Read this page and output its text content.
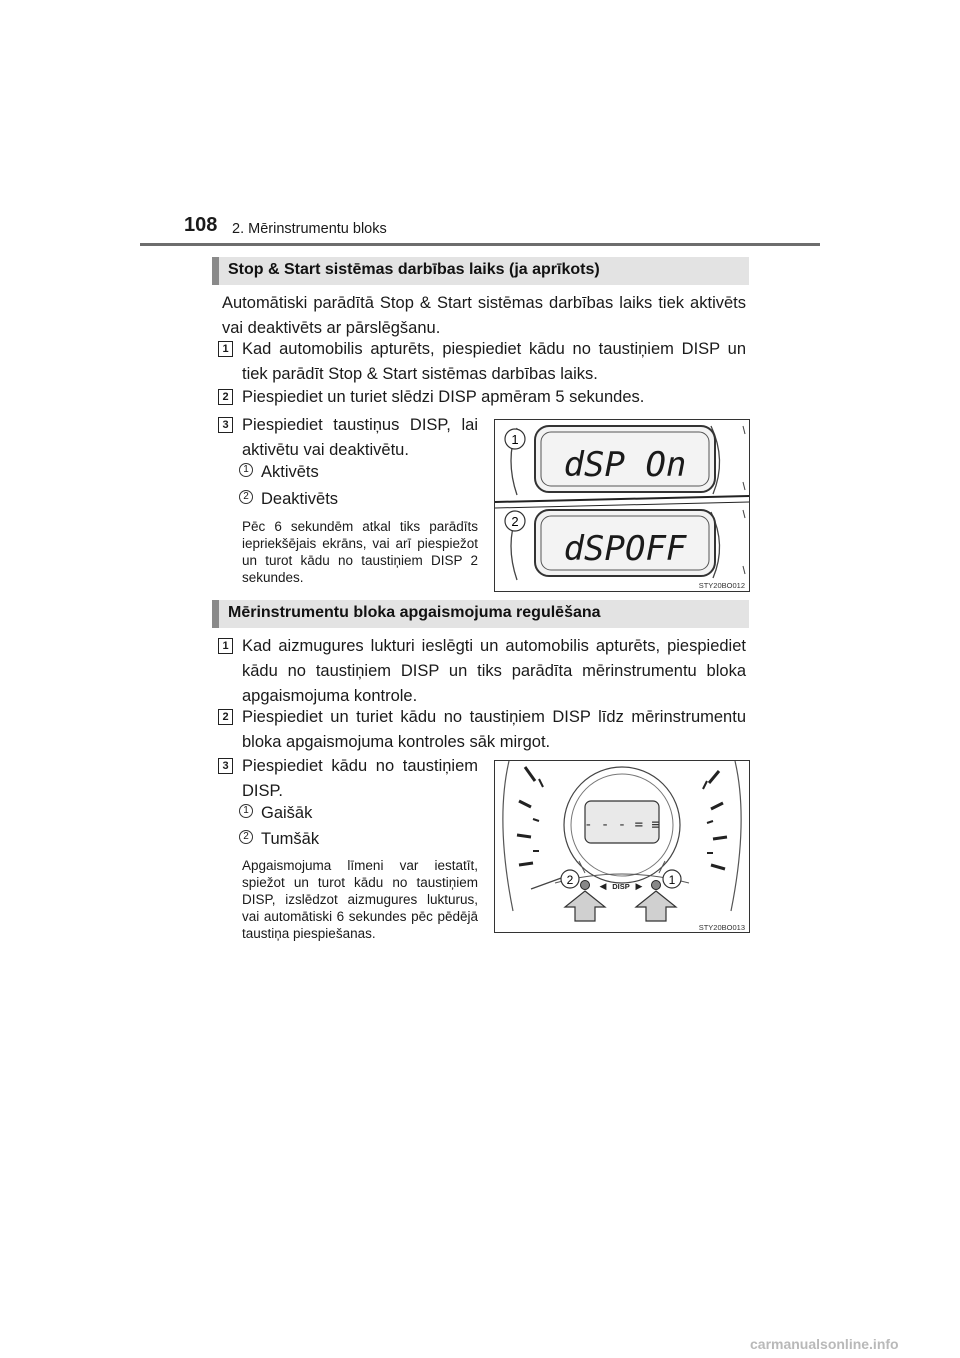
108 2. Mērinstrumentu bloks
Stop & Start sistēmas darbības laiks (ja aprīkots)
Automātiski parādītā Stop & Start sistēmas darbības laiks tiek aktivēts vai deaktivēts ar pārslēgšanu.
1 Kad automobilis apturēts, piespiediet kādu no taustiņiem DISP un tiek parādīt Stop & Start sistēmas darbības laiks.
2 Piespiediet un turiet slēdzi DISP apmēram 5 sekundes.
3 Piespiediet taustiņus DISP, lai aktivētu vai deaktivētu.
1 Aktivēts
2 Deaktivēts
Pēc 6 sekundēm atkal tiks parādīts iepriekšējais ekrāns, vai arī piespiežot un turot kādu no taustiņiem DISP 2 sekundes.
dSP On
dSPOFF
1
2
STY20BO012
Mērinstrumentu bloka apgaismojuma regulēšana
1 Kad aizmugures lukturi ieslēgti un automobilis apturēts, piespiediet kādu no taustiņiem DISP un tiks parādīta mērinstrumentu bloka apgaismojuma kontrole.
2 Piespiediet un turiet kādu no taustiņiem DISP līdz mērinstrumentu bloka apgaismojuma kontroles sāk mirgot.
3 Piespiediet kādu no taustiņiem DISP.
1 Gaišāk
2 Tumšāk
Apgaismojuma līmeni var iestatīt, spiežot un turot kādu no taustiņiem DISP, izslēdzot aizmugures lukturus, vai automātiski 6 sekundes pēc pēdējā taustiņa piespiešanas.
- - - = ≡
◀ DISP ▶
2	1
STY20BO013
carmanualsonline.info
